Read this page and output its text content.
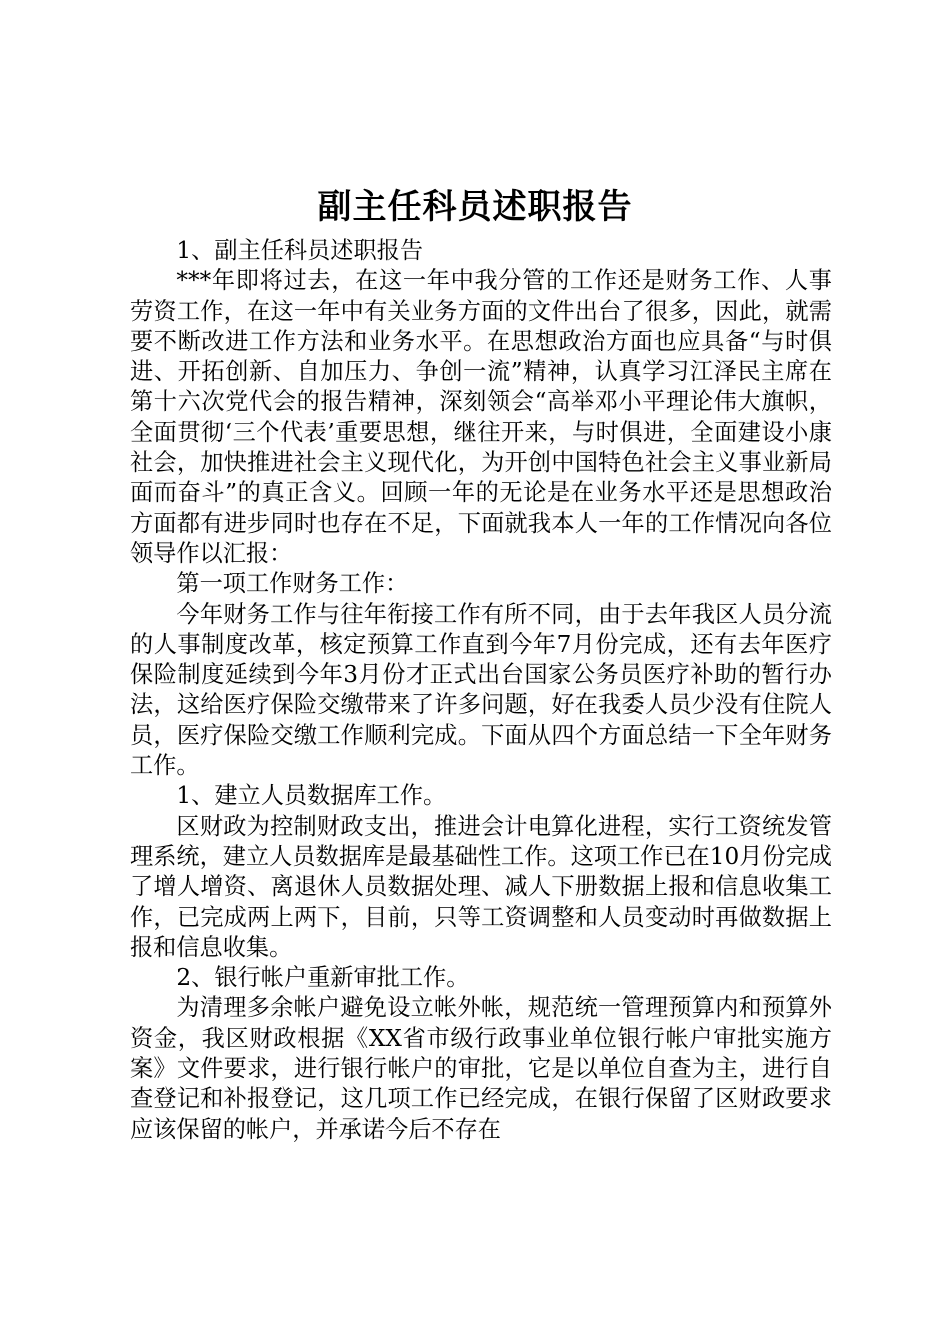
副主任科员述职报告

1、副主任科员述职报告

***年即将过去，在这一年中我分管的工作还是财务工作、人事劳资工作，在这一年中有关业务方面的文件出台了很多，因此，就需要不断改进工作方法和业务水平。在思想政治方面也应具备“与时俱进、开拓创新、自加压力、争创一流”精神，认真学习江泽民主席在第十六次党代会的报告精神，深刻领会“高举邓小平理论伟大旗帜，全面贯彻‘三个代表’重要思想，继往开来，与时俱进，全面建设小康社会，加快推进社会主义现代化，为开创中国特色社会主义事业新局面而奋斗”的真正含义。回顾一年的无论是在业务水平还是思想政治方面都有进步同时也存在不足，下面就我本人一年的工作情况向各位领导作以汇报：

第一项工作财务工作：

今年财务工作与往年衔接工作有所不同，由于去年我区人员分流的人事制度改革，核定预算工作直到今年7月份完成，还有去年医疗保险制度延续到今年3月份才正式出台国家公务员医疗补助的暂行办法，这给医疗保险交缴带来了许多问题，好在我委人员少没有住院人员，医疗保险交缴工作顺利完成。下面从四个方面总结一下全年财务工作。

1、建立人员数据库工作。

区财政为控制财政支出，推进会计电算化进程，实行工资统发管理系统，建立人员数据库是最基础性工作。这项工作已在10月份完成了增人增资、离退休人员数据处理、减人下册数据上报和信息收集工作，已完成两上两下，目前，只等工资调整和人员变动时再做数据上报和信息收集。

2、银行帐户重新审批工作。

为清理多余帐户避免设立帐外帐，规范统一管理预算内和预算外资金，我区财政根据《XX省市级行政事业单位银行帐户审批实施方案》文件要求，进行银行帐户的审批，它是以单位自查为主，进行自查登记和补报登记，这几项工作已经完成，在银行保留了区财政要求应该保留的帐户，并承诺今后不存在
